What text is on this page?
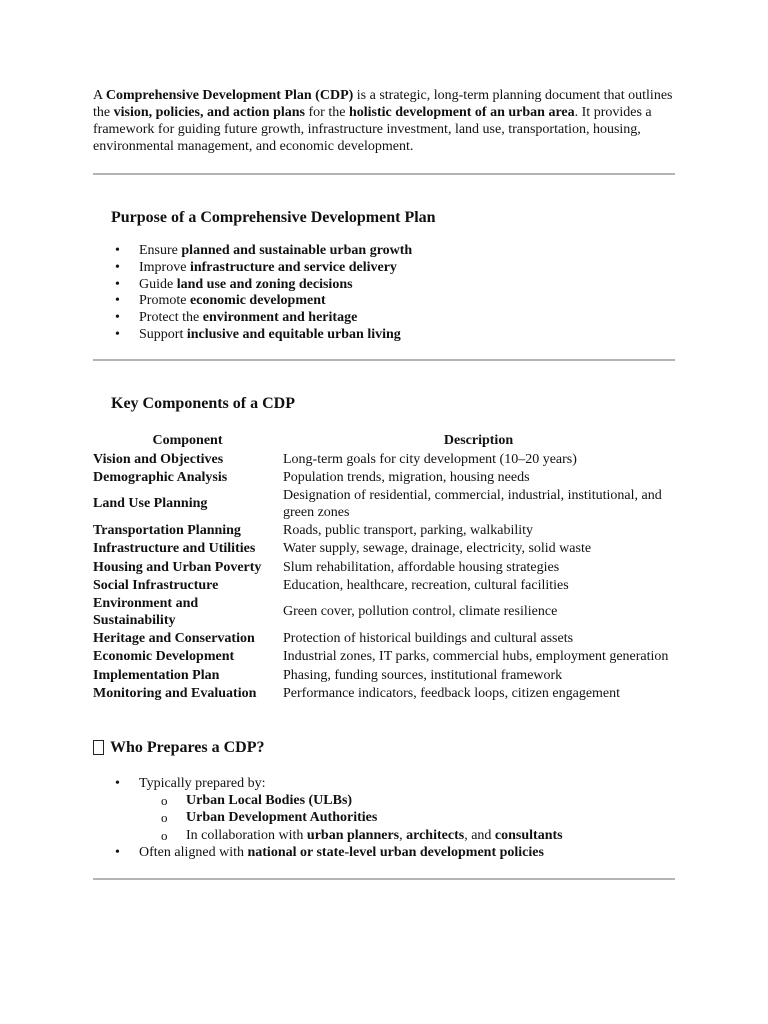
A Comprehensive Development Plan (CDP) is a strategic, long-term planning document that outlines the vision, policies, and action plans for the holistic development of an urban area. It provides a framework for guiding future growth, infrastructure investment, land use, transportation, housing, environmental management, and economic development.

Purpose of a Comprehensive Development Plan
• Ensure planned and sustainable urban growth
• Improve infrastructure and service delivery
• Guide land use and zoning decisions
• Promote economic development
• Protect the environment and heritage
• Support inclusive and equitable urban living
Key Components of a CDP
Component	Description
Vision and Objectives	Long-term goals for city development (10–20 years)
Demographic Analysis	Population trends, migration, housing needs
Land Use Planning	Designation of residential, commercial, industrial, institutional, and green zones
Transportation Planning	Roads, public transport, parking, walkability
Infrastructure and Utilities	Water supply, sewage, drainage, electricity, solid waste
Housing and Urban Poverty	Slum rehabilitation, affordable housing strategies
Social Infrastructure	Education, healthcare, recreation, cultural facilities
Environment and Sustainability	Green cover, pollution control, climate resilience
Heritage and Conservation	Protection of historical buildings and cultural assets
Economic Development	Industrial zones, IT parks, commercial hubs, employment generation
Implementation Plan	Phasing, funding sources, institutional framework
Monitoring and Evaluation	Performance indicators, feedback loops, citizen engagement
Who Prepares a CDP?
• Typically prepared by:
o Urban Local Bodies (ULBs)
o Urban Development Authorities
o In collaboration with urban planners, architects, and consultants
• Often aligned with national or state-level urban development policies
